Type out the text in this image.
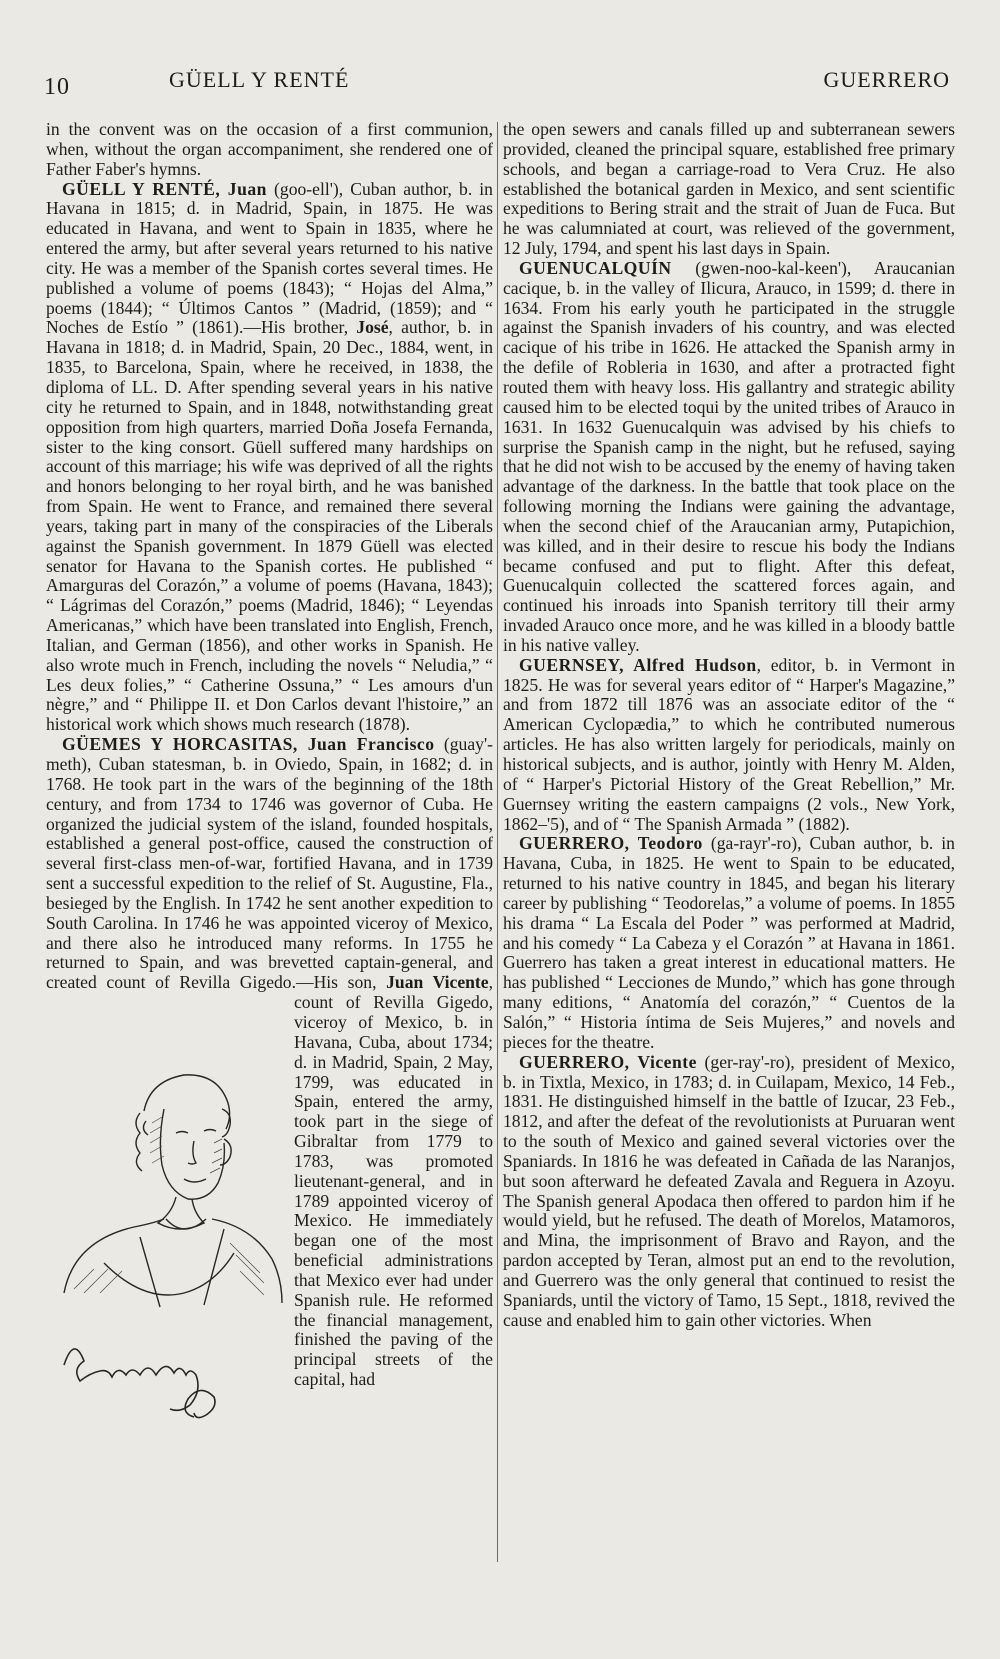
10	GÜELL Y RENTÉ	GUERRERO

in the convent was on the occasion of a first communion, when, without the organ accompaniment, she rendered one of Father Faber's hymns.

GÜELL Y RENTÉ, Juan (goo-ell'), Cuban author, b. in Havana in 1815; d. in Madrid, Spain, in 1875. He was educated in Havana, and went to Spain in 1835, where he entered the army, but after several years returned to his native city. He was a member of the Spanish cortes several times. He published a volume of poems (1843); “ Hojas del Alma,” poems (1844); “ Últimos Cantos ” (Madrid, (1859); and “ Noches de Estío ” (1861).—His brother, José, author, b. in Havana in 1818; d. in Madrid, Spain, 20 Dec., 1884, went, in 1835, to Barcelona, Spain, where he received, in 1838, the diploma of LL. D. After spending several years in his native city he returned to Spain, and in 1848, notwithstanding great opposition from high quarters, married Doña Josefa Fernanda, sister to the king consort. Güell suffered many hardships on account of this marriage; his wife was deprived of all the rights and honors belonging to her royal birth, and he was banished from Spain. He went to France, and remained there several years, taking part in many of the conspiracies of the Liberals against the Spanish government. In 1879 Güell was elected senator for Havana to the Spanish cortes. He published “ Amarguras del Corazón,” a volume of poems (Havana, 1843); “ Lágrimas del Corazón,” poems (Madrid, 1846); “ Leyendas Americanas,” which have been translated into English, French, Italian, and German (1856), and other works in Spanish. He also wrote much in French, including the novels “ Neludia,” “ Les deux folies,” “ Catherine Ossuna,” “ Les amours d'un nègre,” and “ Philippe II. et Don Carlos devant l'histoire,” an historical work which shows much research (1878).

GÜEMES Y HORCASITAS, Juan Francisco (guay'-meth), Cuban statesman, b. in Oviedo, Spain, in 1682; d. in 1768. He took part in the wars of the beginning of the 18th century, and from 1734 to 1746 was governor of Cuba. He organized the judicial system of the island, founded hospitals, established a general post-office, caused the construction of several first-class men-of-war, fortified Havana, and in 1739 sent a successful expedition to the relief of St. Augustine, Fla., besieged by the English. In 1742 he sent another expedition to South Carolina. In 1746 he was appointed viceroy of Mexico, and there also he introduced many reforms. In 1755 he returned to Spain, and was brevetted captain-general, and created count of Revilla Gigedo.—His son,
Juan Vicente, count of Revilla Gigedo, viceroy of Mexico, b. in Havana, Cuba, about 1734; d. in Madrid, Spain, 2 May, 1799, was educated in Spain, entered the army, took part in the siege of Gibraltar from 1779 to 1783, was promoted lieutenant-general, and in 1789 appointed viceroy of Mexico. He immediately began one of the most beneficial administrations that Mexico ever had under Spanish rule. He reformed the financial management, finished the paving of the principal streets of the capital, had

the open sewers and canals filled up and subterranean sewers provided, cleaned the principal square, established free primary schools, and began a carriage-road to Vera Cruz. He also established the botanical garden in Mexico, and sent scientific expeditions to Bering strait and the strait of Juan de Fuca. But he was calumniated at court, was relieved of the government, 12 July, 1794, and spent his last days in Spain.

GUENUCALQUÍN (gwen-noo-kal-keen'), Araucanian cacique, b. in the valley of Ilicura, Arauco, in 1599; d. there in 1634. From his early youth he participated in the struggle against the Spanish invaders of his country, and was elected cacique of his tribe in 1626. He attacked the Spanish army in the defile of Robleria in 1630, and after a protracted fight routed them with heavy loss. His gallantry and strategic ability caused him to be elected toqui by the united tribes of Arauco in 1631. In 1632 Guenucalquin was advised by his chiefs to surprise the Spanish camp in the night, but he refused, saying that he did not wish to be accused by the enemy of having taken advantage of the darkness. In the battle that took place on the following morning the Indians were gaining the advantage, when the second chief of the Araucanian army, Putapichion, was killed, and in their desire to rescue his body the Indians became confused and put to flight. After this defeat, Guenucalquin collected the scattered forces again, and continued his inroads into Spanish territory till their army invaded Arauco once more, and he was killed in a bloody battle in his native valley.

GUERNSEY, Alfred Hudson, editor, b. in Vermont in 1825. He was for several years editor of “ Harper's Magazine,” and from 1872 till 1876 was an associate editor of the “ American Cyclopædia,” to which he contributed numerous articles. He has also written largely for periodicals, mainly on historical subjects, and is author, jointly with Henry M. Alden, of “ Harper's Pictorial History of the Great Rebellion,” Mr. Guernsey writing the eastern campaigns (2 vols., New York, 1862–'5), and of “ The Spanish Armada ” (1882).

GUERRERO, Teodoro (ga-rayr'-ro), Cuban author, b. in Havana, Cuba, in 1825. He went to Spain to be educated, returned to his native country in 1845, and began his literary career by publishing “ Teodorelas,” a volume of poems. In 1855 his drama “ La Escala del Poder ” was performed at Madrid, and his comedy “ La Cabeza y el Corazón ” at Havana in 1861. Guerrero has taken a great interest in educational matters. He has published “ Lecciones de Mundo,” which has gone through many editions, “ Anatomía del corazón,” “ Cuentos de la Salón,” “ Historia íntima de Seis Mujeres,” and novels and pieces for the theatre.

GUERRERO, Vicente (ger-ray'-ro), president of Mexico, b. in Tixtla, Mexico, in 1783; d. in Cuilapam, Mexico, 14 Feb., 1831. He distinguished himself in the battle of Izucar, 23 Feb., 1812, and after the defeat of the revolutionists at Puruaran went to the south of Mexico and gained several victories over the Spaniards. In 1816 he was defeated in Cañada de las Naranjos, but soon afterward he defeated Zavala and Reguera in Azoyu. The Spanish general Apodaca then offered to pardon him if he would yield, but he refused. The death of Morelos, Matamoros, and Mina, the imprisonment of Bravo and Rayon, and the pardon accepted by Teran, almost put an end to the revolution, and Guerrero was the only general that continued to resist the Spaniards, until the victory of Tamo, 15 Sept., 1818, revived the cause and enabled him to gain other victories. When
